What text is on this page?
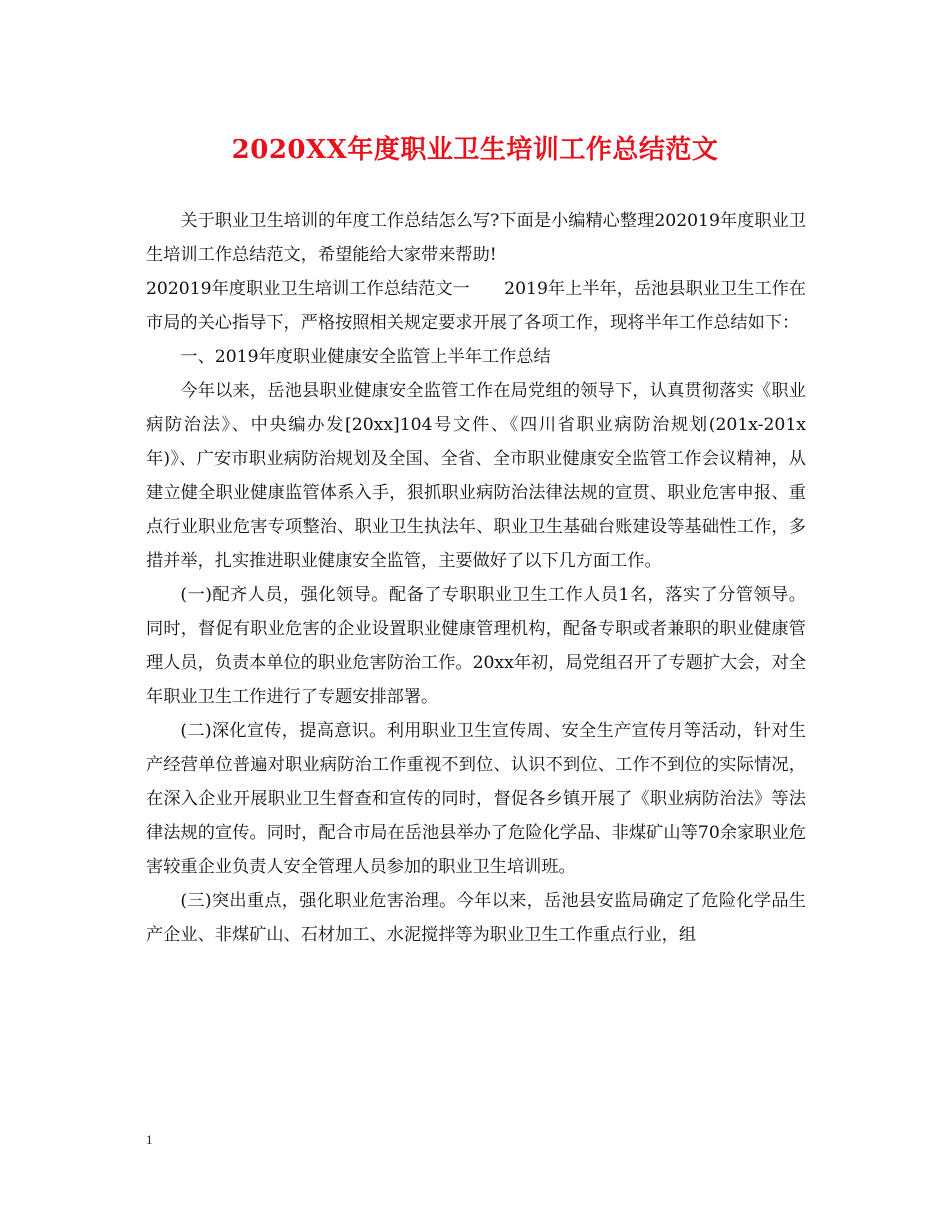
2020XX年度职业卫生培训工作总结范文

关于职业卫生培训的年度工作总结怎么写?下面是小编精心整理202019年度职业卫生培训工作总结范文，希望能给大家带来帮助!

202019年度职业卫生培训工作总结范文一　　2019年上半年，岳池县职业卫生工作在市局的关心指导下，严格按照相关规定要求开展了各项工作，现将半年工作总结如下：

一、2019年度职业健康安全监管上半年工作总结

今年以来，岳池县职业健康安全监管工作在局党组的领导下，认真贯彻落实《职业病防治法》、中央编办发[20xx]104号文件、《四川省职业病防治规划(201x-201x年)》、广安市职业病防治规划及全国、全省、全市职业健康安全监管工作会议精神，从建立健全职业健康监管体系入手，狠抓职业病防治法律法规的宣贯、职业危害申报、重点行业职业危害专项整治、职业卫生执法年、职业卫生基础台账建设等基础性工作，多措并举，扎实推进职业健康安全监管，主要做好了以下几方面工作。

(一)配齐人员，强化领导。配备了专职职业卫生工作人员1名，落实了分管领导。同时，督促有职业危害的企业设置职业健康管理机构，配备专职或者兼职的职业健康管理人员，负责本单位的职业危害防治工作。20xx年初，局党组召开了专题扩大会，对全年职业卫生工作进行了专题安排部署。

(二)深化宣传，提高意识。利用职业卫生宣传周、安全生产宣传月等活动，针对生产经营单位普遍对职业病防治工作重视不到位、认识不到位、工作不到位的实际情况，在深入企业开展职业卫生督查和宣传的同时，督促各乡镇开展了《职业病防治法》等法律法规的宣传。同时，配合市局在岳池县举办了危险化学品、非煤矿山等70余家职业危害较重企业负责人安全管理人员参加的职业卫生培训班。

(三)突出重点，强化职业危害治理。今年以来，岳池县安监局确定了危险化学品生产企业、非煤矿山、石材加工、水泥搅拌等为职业卫生工作重点行业，组

1
